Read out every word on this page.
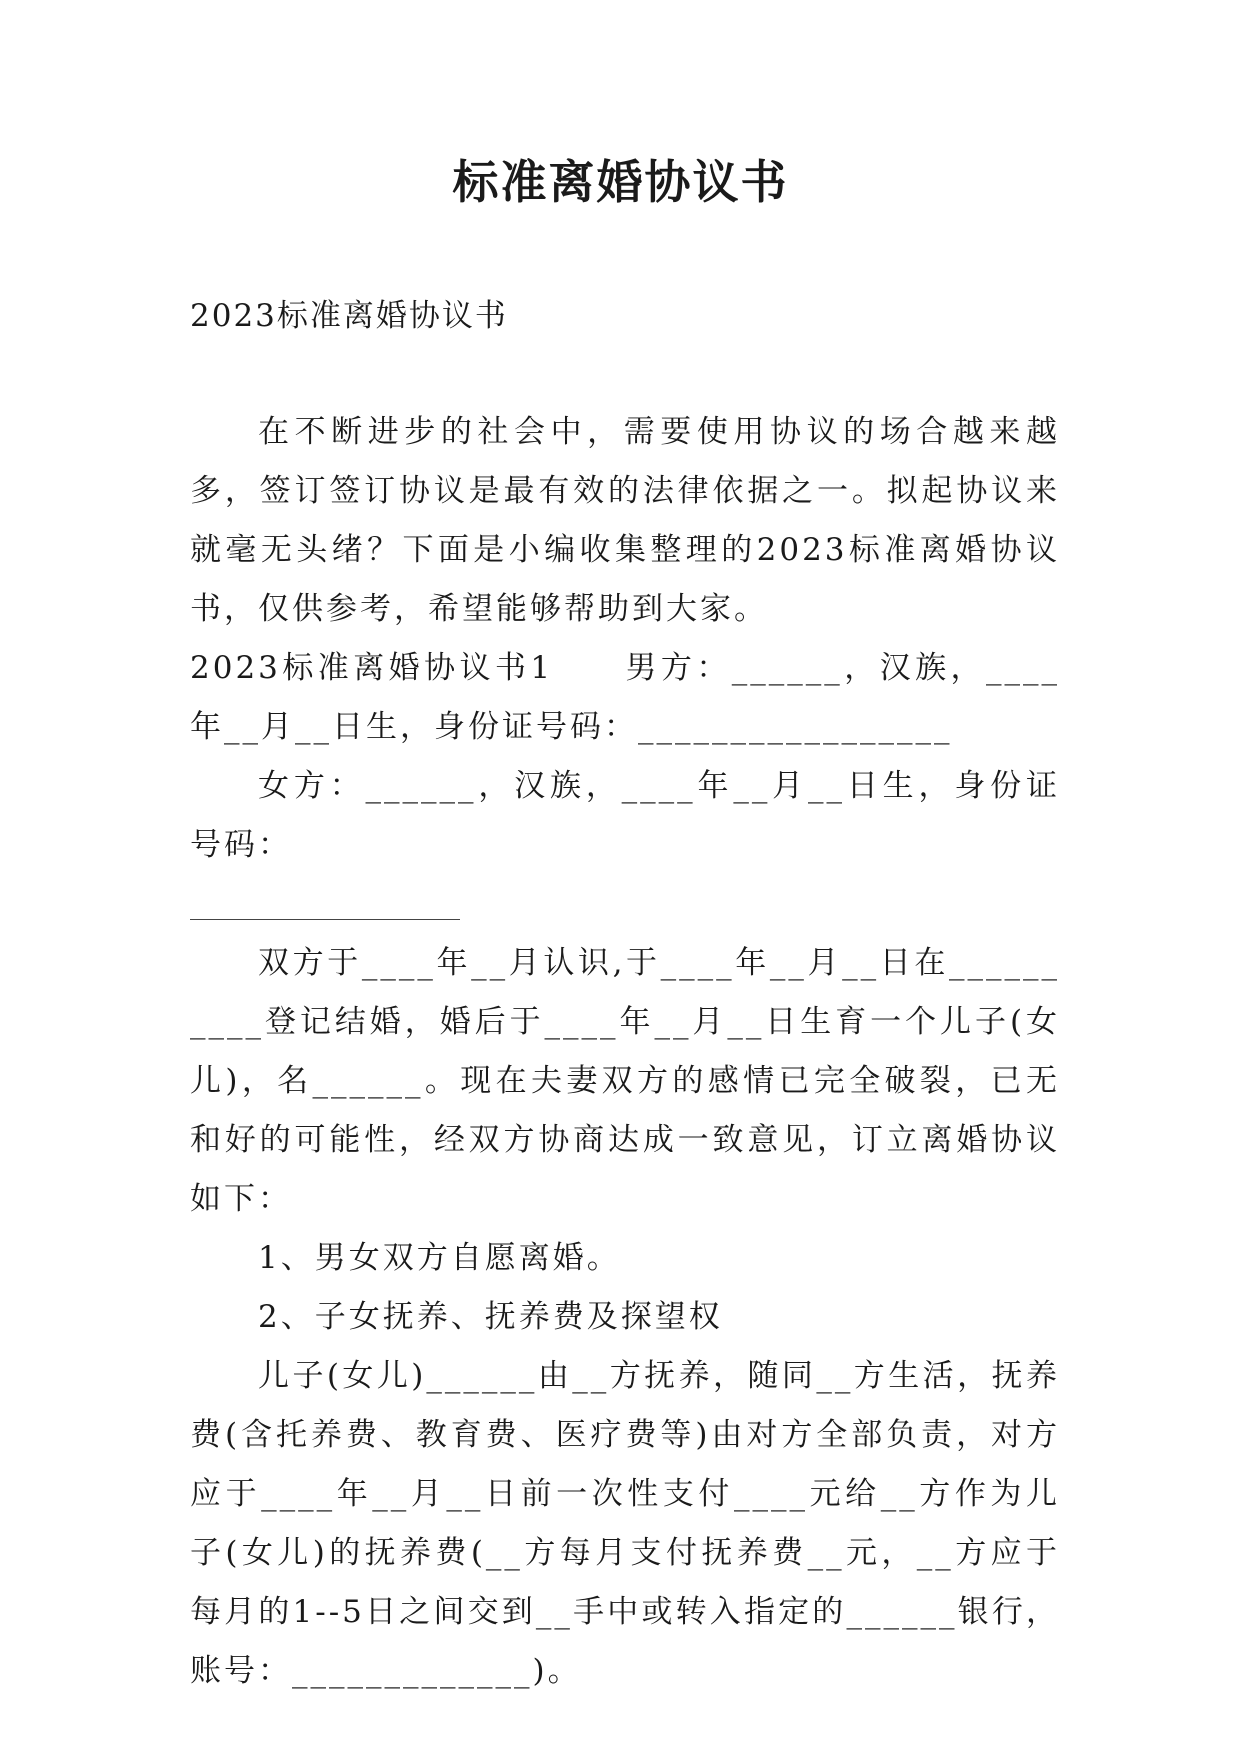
标准离婚协议书
2023标准离婚协议书

在不断进步的社会中，需要使用协议的场合越来越多，签订签订协议是最有效的法律依据之一。拟起协议来就毫无头绪？下面是小编收集整理的2023标准离婚协议书，仅供参考，希望能够帮助到大家。

2023标准离婚协议书1　　男方：______，汉族，____年__月__日生，身份证号码：_________________

女方：______，汉族，____年__月__日生，身份证号码：

双方于____年__月认识,于____年__月__日在__________登记结婚，婚后于____年__月__日生育一个儿子(女儿)，名______。现在夫妻双方的感情已完全破裂，已无和好的可能性，经双方协商达成一致意见，订立离婚协议如下：

1、男女双方自愿离婚。

2、子女抚养、抚养费及探望权

儿子(女儿)______由__方抚养，随同__方生活，抚养费(含托养费、教育费、医疗费等)由对方全部负责，对方应于____年__月__日前一次性支付____元给__方作为儿子(女儿)的抚养费(__方每月支付抚养费__元，__方应于每月的1--5日之间交到__手中或转入指定的______银行，账号：_____________)。
